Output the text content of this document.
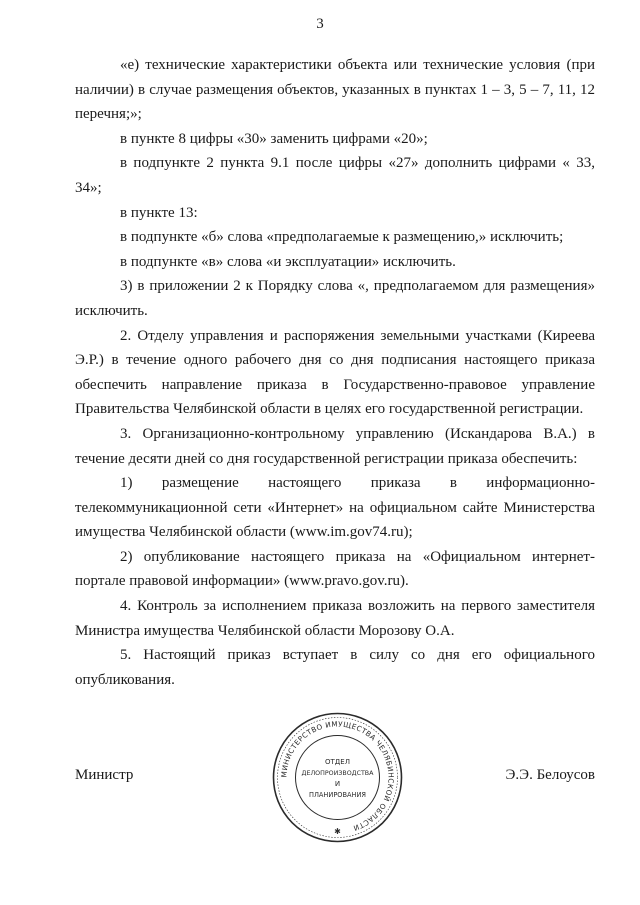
3

«е) технические характеристики объекта или технические условия (при наличии) в случае размещения объектов, указанных в пунктах 1 – 3, 5 – 7, 11, 12 перечня;»;

в пункте 8 цифры «30» заменить цифрами «20»;

в подпункте 2 пункта 9.1 после цифры «27» дополнить цифрами « 33, 34»;

в пункте 13:

в подпункте «б» слова «предполагаемые к размещению,» исключить;

в подпункте «в» слова «и эксплуатации» исключить.

3) в приложении 2 к Порядку слова «, предполагаемом для размещения» исключить.

2. Отделу управления и распоряжения земельными участками (Киреева Э.Р.) в течение одного рабочего дня со дня подписания настоящего приказа обеспечить направление приказа в Государственно-правовое управление Правительства Челябинской области в целях его государственной регистрации.

3. Организационно-контрольному управлению (Искандарова В.А.) в течение десяти дней со дня государственной регистрации приказа обеспечить:

1) размещение настоящего приказа в информационно-телекоммуникационной сети «Интернет» на официальном сайте Министерства имущества Челябинской области (www.im.gov74.ru);

2) опубликование настоящего приказа на «Официальном интернет-портале правовой информации» (www.pravo.gov.ru).

4. Контроль за исполнением приказа возложить на первого заместителя Министра имущества Челябинской области Морозову О.А.

5. Настоящий приказ вступает в силу со дня его официального опубликования.

Министр	Э.Э. Белоусов
МИНИСТЕРСТВО ИМУЩЕСТВА ЧЕЛЯБИНСКОЙ ОБЛАСТИ
ОТДЕЛ
ДЕЛОПРОИЗВОДСТВА
И
ПЛАНИРОВАНИЯ
✱
